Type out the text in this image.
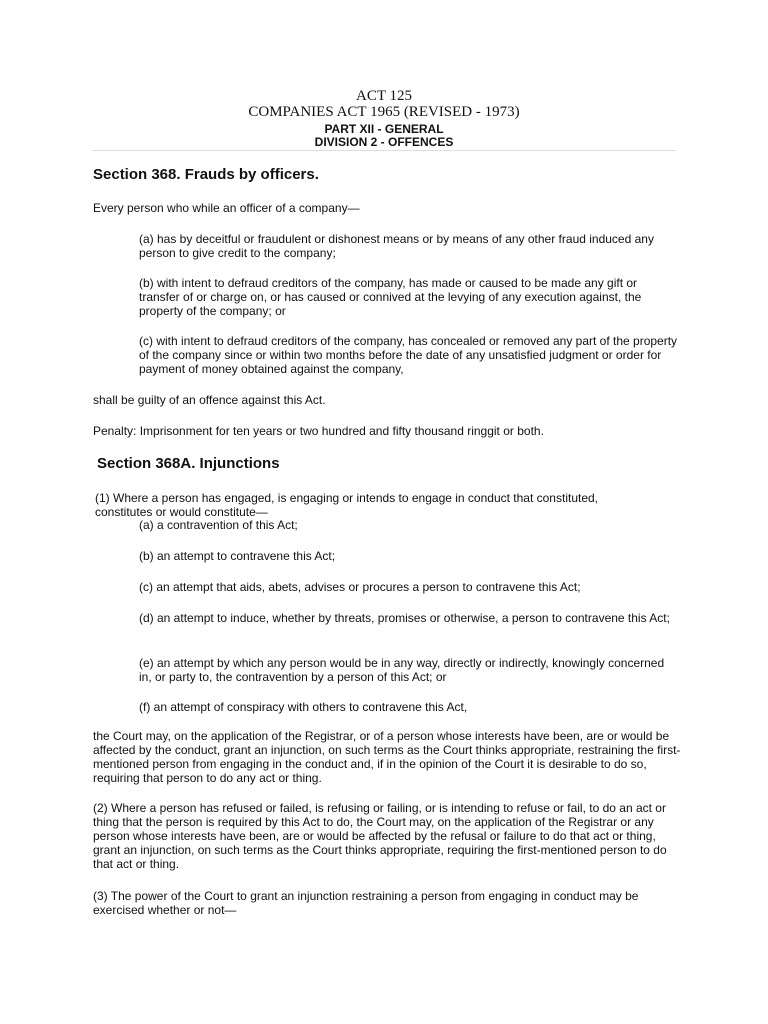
ACT 125
COMPANIES ACT 1965 (REVISED - 1973)
PART XII - GENERAL
DIVISION 2 - OFFENCES
Section 368. Frauds by officers.
Every person who while an officer of a company—
(a) has by deceitful or fraudulent or dishonest means or by means of any other fraud induced any person to give credit to the company;
(b) with intent to defraud creditors of the company, has made or caused to be made any gift or transfer of or charge on, or has caused or connived at the levying of any execution against, the property of the company; or
(c) with intent to defraud creditors of the company, has concealed or removed any part of the property of the company since or within two months before the date of any unsatisfied judgment or order for payment of money obtained against the company,
shall be guilty of an offence against this Act.
Penalty: Imprisonment for ten years or two hundred and fifty thousand ringgit or both.
Section 368A. Injunctions
(1) Where a person has engaged, is engaging or intends to engage in conduct that constituted, constitutes or would constitute—
(a) a contravention of this Act;
(b) an attempt to contravene this Act;
(c) an attempt that aids, abets, advises or procures a person to contravene this Act;
(d) an attempt to induce, whether by threats, promises or otherwise, a person to contravene this Act;
(e) an attempt by which any person would be in any way, directly or indirectly, knowingly concerned in, or party to, the contravention by a person of this Act; or
(f) an attempt of conspiracy with others to contravene this Act,
the Court may, on the application of the Registrar, or of a person whose interests have been, are or would be affected by the conduct, grant an injunction, on such terms as the Court thinks appropriate, restraining the first-mentioned person from engaging in the conduct and, if in the opinion of the Court it is desirable to do so, requiring that person to do any act or thing.
(2) Where a person has refused or failed, is refusing or failing, or is intending to refuse or fail, to do an act or thing that the person is required by this Act to do, the Court may, on the application of the Registrar or any person whose interests have been, are or would be affected by the refusal or failure to do that act or thing, grant an injunction, on such terms as the Court thinks appropriate, requiring the first-mentioned person to do that act or thing.
(3) The power of the Court to grant an injunction restraining a person from engaging in conduct may be exercised whether or not—
